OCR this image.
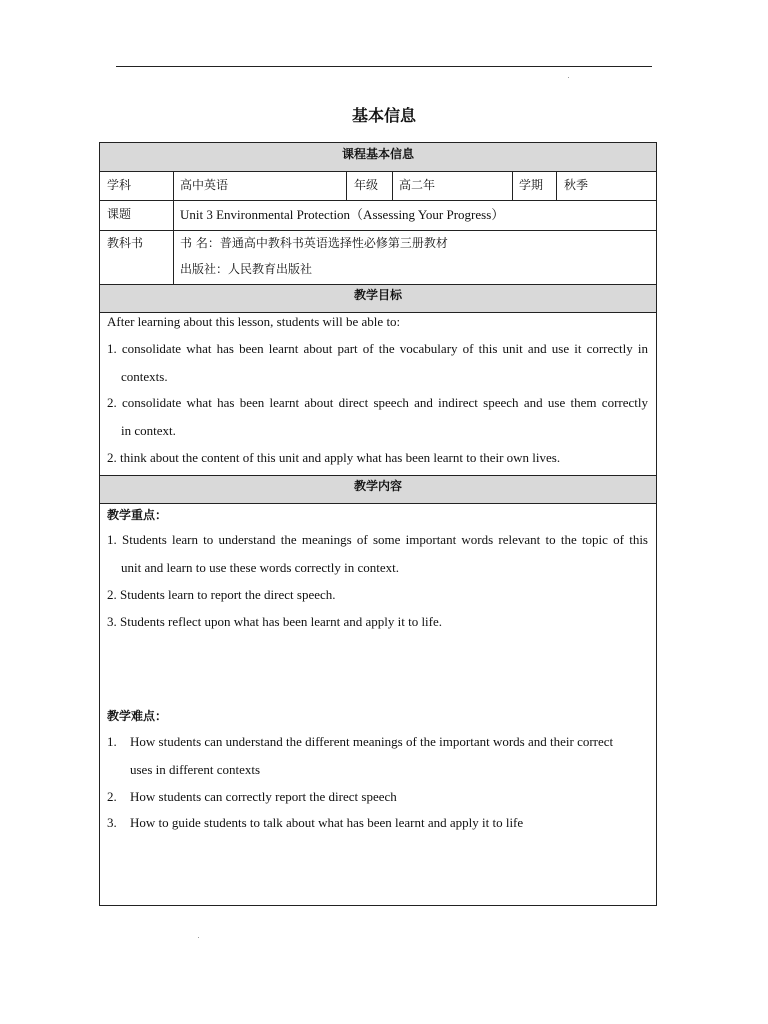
基本信息
课程基本信息
学科	高中英语	年级 高二年	学期 秋季
课题	Unit 3 Environmental Protection（Assessing Your Progress）
教科书	书 名：普通高中教科书英语选择性必修第三册教材
出版社：人民教育出版社
教学目标
After learning about this lesson, students will be able to:
1. consolidate what has been learnt about part of the vocabulary of this unit and use it correctly in
contexts.
2. consolidate what has been learnt about direct speech and indirect speech and use them correctly
in context.
2. think about the content of this unit and apply what has been learnt to their own lives.
教学内容
教学重点：
1. Students learn to understand the meanings of some important words relevant to the topic of this
unit and learn to use these words correctly in context.
2. Students learn to report the direct speech.
3. Students reflect upon what has been learnt and apply it to life.
教学难点：
1. How students can understand the different meanings of the important words and their correct
uses in different contexts
2. How students can correctly report the direct speech
3. How to guide students to talk about what has been learnt and apply it to life
